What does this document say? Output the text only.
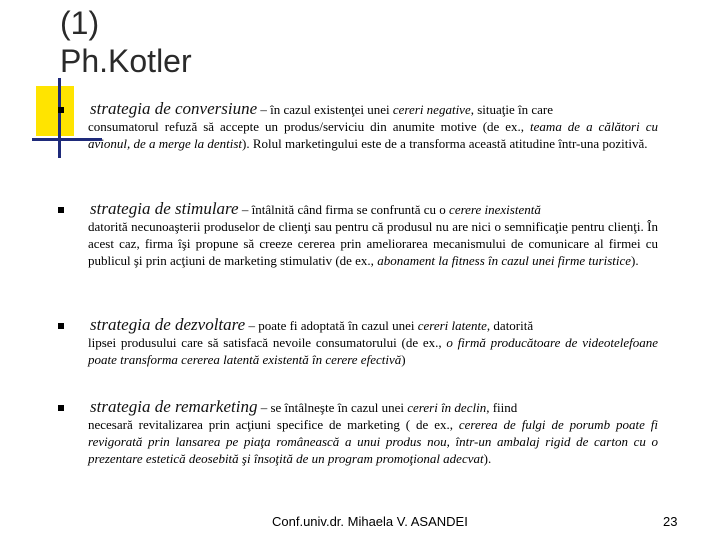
(1)
Ph.Kotler
strategia de conversiune – în cazul existenţei unei cereri negative, situaţie în care
consumatorul refuză să accepte un produs/serviciu din anumite motive (de ex., teama de a călători cu avionul, de a merge la dentist). Rolul marketingului este de a transforma această atitudine într-una pozitivă.
strategia de stimulare – întâlnită când firma se confruntă cu o cerere inexistentă
datorită necunoaşterii produselor de clienţi sau pentru că produsul nu are nici o semnificaţie pentru clienţi. În acest caz, firma îşi propune să creeze cererea prin ameliorarea mecanismului de comunicare al firmei cu publicul şi prin acţiuni de marketing stimulativ (de ex., abonament la fitness în cazul unei firme turistice).
strategia de dezvoltare – poate fi adoptată în cazul unei cereri latente, datorită
lipsei produsului care să satisfacă nevoile consumatorului (de ex., o firmă producătoare de videotelefoane poate transforma cererea latentă existentă în cerere efectivă)
strategia de remarketing – se întâlneşte în cazul unei cereri în declin, fiind
necesară revitalizarea prin acţiuni specifice de marketing ( de ex., cererea de fulgi de porumb poate fi revigorată prin lansarea pe piaţa românească a unui produs nou, într-un ambalaj rigid de carton cu o prezentare estetică deosebită şi însoţită de un program promoţional adecvat).
Conf.univ.dr. Mihaela V. ASANDEI	23
